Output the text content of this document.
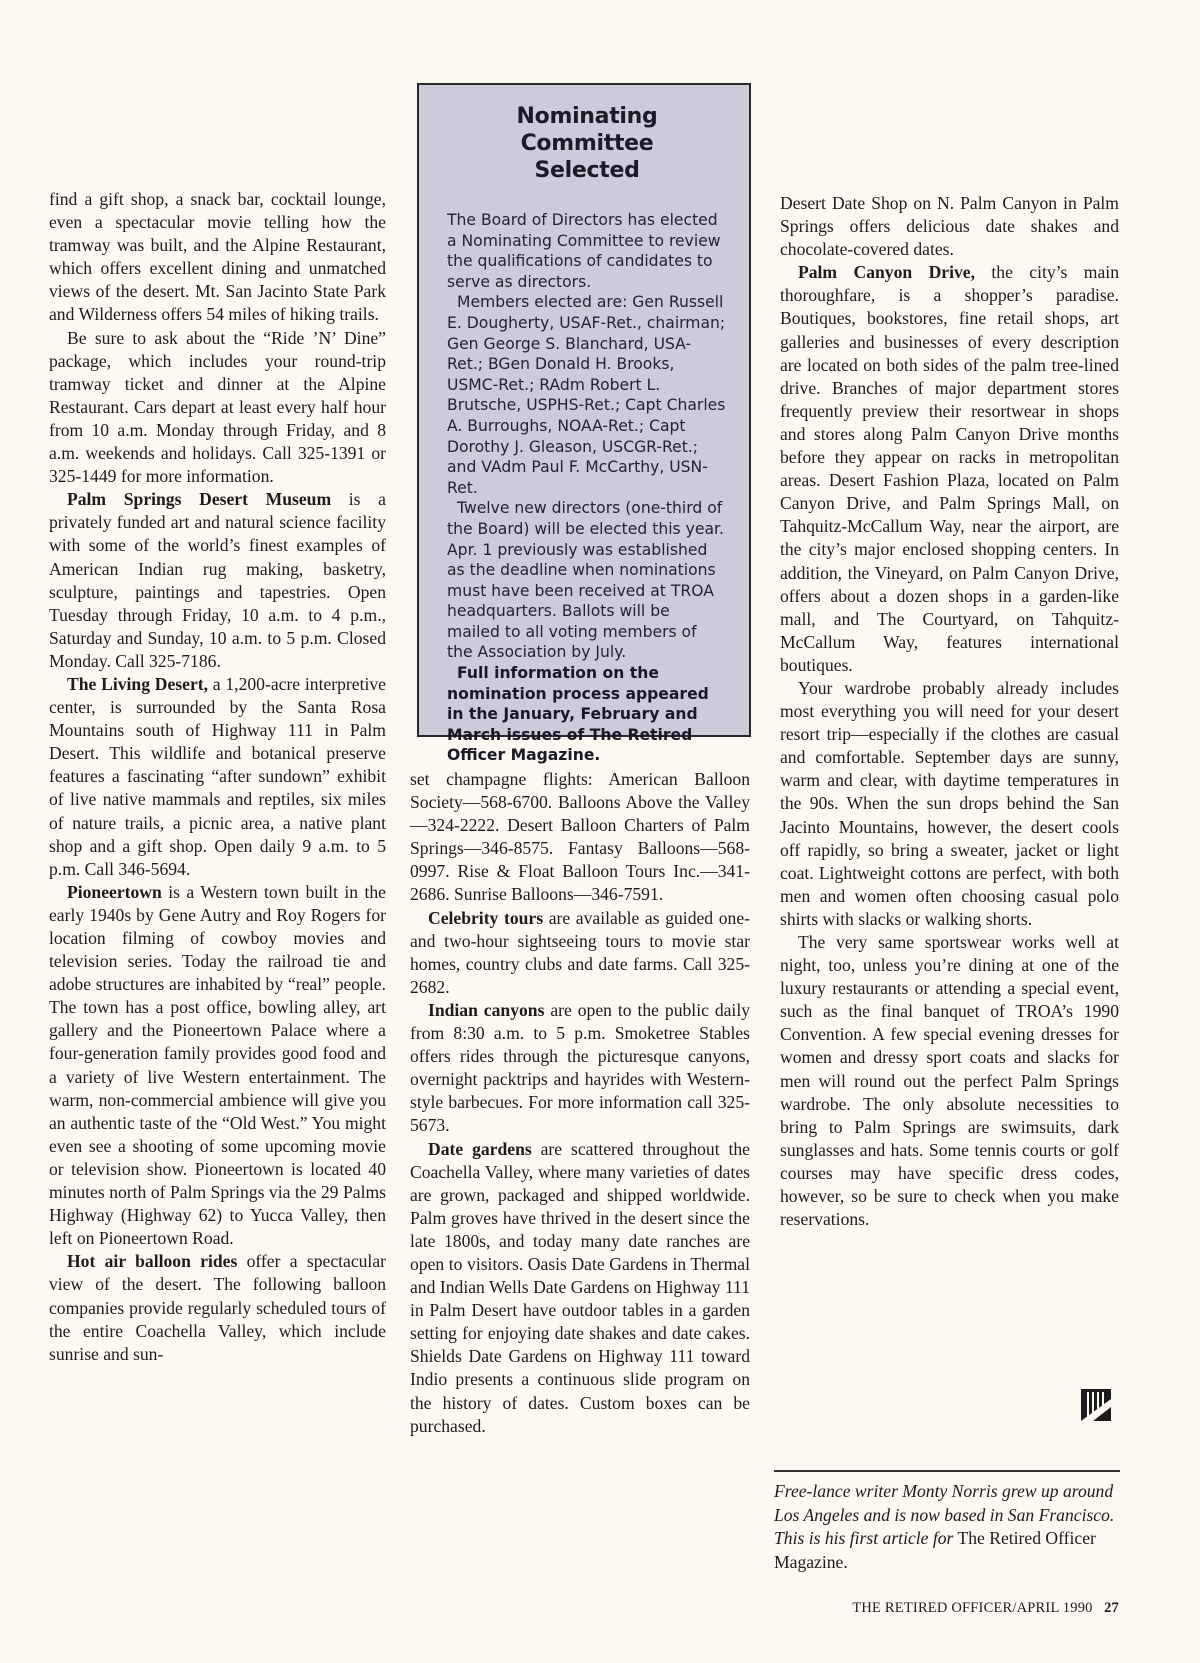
Nominating Committee
Selected

The Board of Directors has elected a Nominating Committee to review the qualifications of candidates to serve as directors.

Members elected are: Gen Russell E. Dougherty, USAF-Ret., chairman; Gen George S. Blanchard, USA-Ret.; BGen Donald H. Brooks, USMC-Ret.; RAdm Robert L. Brutsche, USPHS-Ret.; Capt Charles A. Burroughs, NOAA-Ret.; Capt Dorothy J. Gleason, USCGR-Ret.; and VAdm Paul F. McCarthy, USN-Ret.

Twelve new directors (one-third of the Board) will be elected this year. Apr. 1 previously was established as the deadline when nominations must have been received at TROA headquarters. Ballots will be mailed to all voting members of the Association by July.

Full information on the nomination process appeared in the January, February and March issues of The Retired Officer Magazine.

find a gift shop, a snack bar, cocktail lounge, even a spectacular movie telling how the tramway was built, and the Alpine Restaurant, which offers excellent dining and unmatched views of the desert. Mt. San Jacinto State Park and Wilderness offers 54 miles of hiking trails.

Be sure to ask about the “Ride ’N’ Dine” package, which includes your round-trip tramway ticket and dinner at the Alpine Restaurant. Cars depart at least every half hour from 10 a.m. Monday through Friday, and 8 a.m. weekends and holidays. Call 325-1391 or 325-1449 for more information.

Palm Springs Desert Museum is a privately funded art and natural science facility with some of the world’s finest examples of American Indian rug making, basketry, sculpture, paintings and tapestries. Open Tuesday through Friday, 10 a.m. to 4 p.m., Saturday and Sunday, 10 a.m. to 5 p.m. Closed Monday. Call 325-7186.

The Living Desert, a 1,200-acre interpretive center, is surrounded by the Santa Rosa Mountains south of Highway 111 in Palm Desert. This wildlife and botanical preserve features a fascinating “after sundown” exhibit of live native mammals and reptiles, six miles of nature trails, a picnic area, a native plant shop and a gift shop. Open daily 9 a.m. to 5 p.m. Call 346-5694.

Pioneertown is a Western town built in the early 1940s by Gene Autry and Roy Rogers for location filming of cowboy movies and television series. Today the railroad tie and adobe structures are inhabited by “real” people. The town has a post office, bowling alley, art gallery and the Pioneertown Palace where a four-generation family provides good food and a variety of live Western entertainment. The warm, non-commercial ambience will give you an authentic taste of the “Old West.” You might even see a shooting of some upcoming movie or television show. Pioneertown is located 40 minutes north of Palm Springs via the 29 Palms Highway (Highway 62) to Yucca Valley, then left on Pioneertown Road.

Hot air balloon rides offer a spectacular view of the desert. The following balloon companies provide regularly scheduled tours of the entire Coachella Valley, which include sunrise and sun-

set champagne flights: American Balloon Society—568-6700. Balloons Above the Valley—324-2222. Desert Balloon Charters of Palm Springs—346-8575. Fantasy Balloons—568-0997. Rise & Float Balloon Tours Inc.—341-2686. Sunrise Balloons—346-7591.

Celebrity tours are available as guided one- and two-hour sightseeing tours to movie star homes, country clubs and date farms. Call 325-2682.

Indian canyons are open to the public daily from 8:30 a.m. to 5 p.m. Smoketree Stables offers rides through the picturesque canyons, overnight packtrips and hayrides with Western-style barbecues. For more information call 325-5673.

Date gardens are scattered throughout the Coachella Valley, where many varieties of dates are grown, packaged and shipped worldwide. Palm groves have thrived in the desert since the late 1800s, and today many date ranches are open to visitors. Oasis Date Gardens in Thermal and Indian Wells Date Gardens on Highway 111 in Palm Desert have outdoor tables in a garden setting for enjoying date shakes and date cakes. Shields Date Gardens on Highway 111 toward Indio presents a continuous slide program on the history of dates. Custom boxes can be purchased.

Desert Date Shop on N. Palm Canyon in Palm Springs offers delicious date shakes and chocolate-covered dates.

Palm Canyon Drive, the city’s main thoroughfare, is a shopper’s paradise. Boutiques, bookstores, fine retail shops, art galleries and businesses of every description are located on both sides of the palm tree-lined drive. Branches of major department stores frequently preview their resortwear in shops and stores along Palm Canyon Drive months before they appear on racks in metropolitan areas. Desert Fashion Plaza, located on Palm Canyon Drive, and Palm Springs Mall, on Tahquitz-McCallum Way, near the airport, are the city’s major enclosed shopping centers. In addition, the Vineyard, on Palm Canyon Drive, offers about a dozen shops in a garden-like mall, and The Courtyard, on Tahquitz-McCallum Way, features international boutiques.

Your wardrobe probably already includes most everything you will need for your desert resort trip—especially if the clothes are casual and comfortable. September days are sunny, warm and clear, with daytime temperatures in the 90s. When the sun drops behind the San Jacinto Mountains, however, the desert cools off rapidly, so bring a sweater, jacket or light coat. Lightweight cottons are perfect, with both men and women often choosing casual polo shirts with slacks or walking shorts.

The very same sportswear works well at night, too, unless you’re dining at one of the luxury restaurants or attending a special event, such as the final banquet of TROA’s 1990 Convention. A few special evening dresses for women and dressy sport coats and slacks for men will round out the perfect Palm Springs wardrobe. The only absolute necessities to bring to Palm Springs are swimsuits, dark sunglasses and hats. Some tennis courts or golf courses may have specific dress codes, however, so be sure to check when you make reservations.

Free-lance writer Monty Norris grew up around Los Angeles and is now based in San Francisco. This is his first article for The Retired Officer Magazine.
THE RETIRED OFFICER/APRIL 1990 27
